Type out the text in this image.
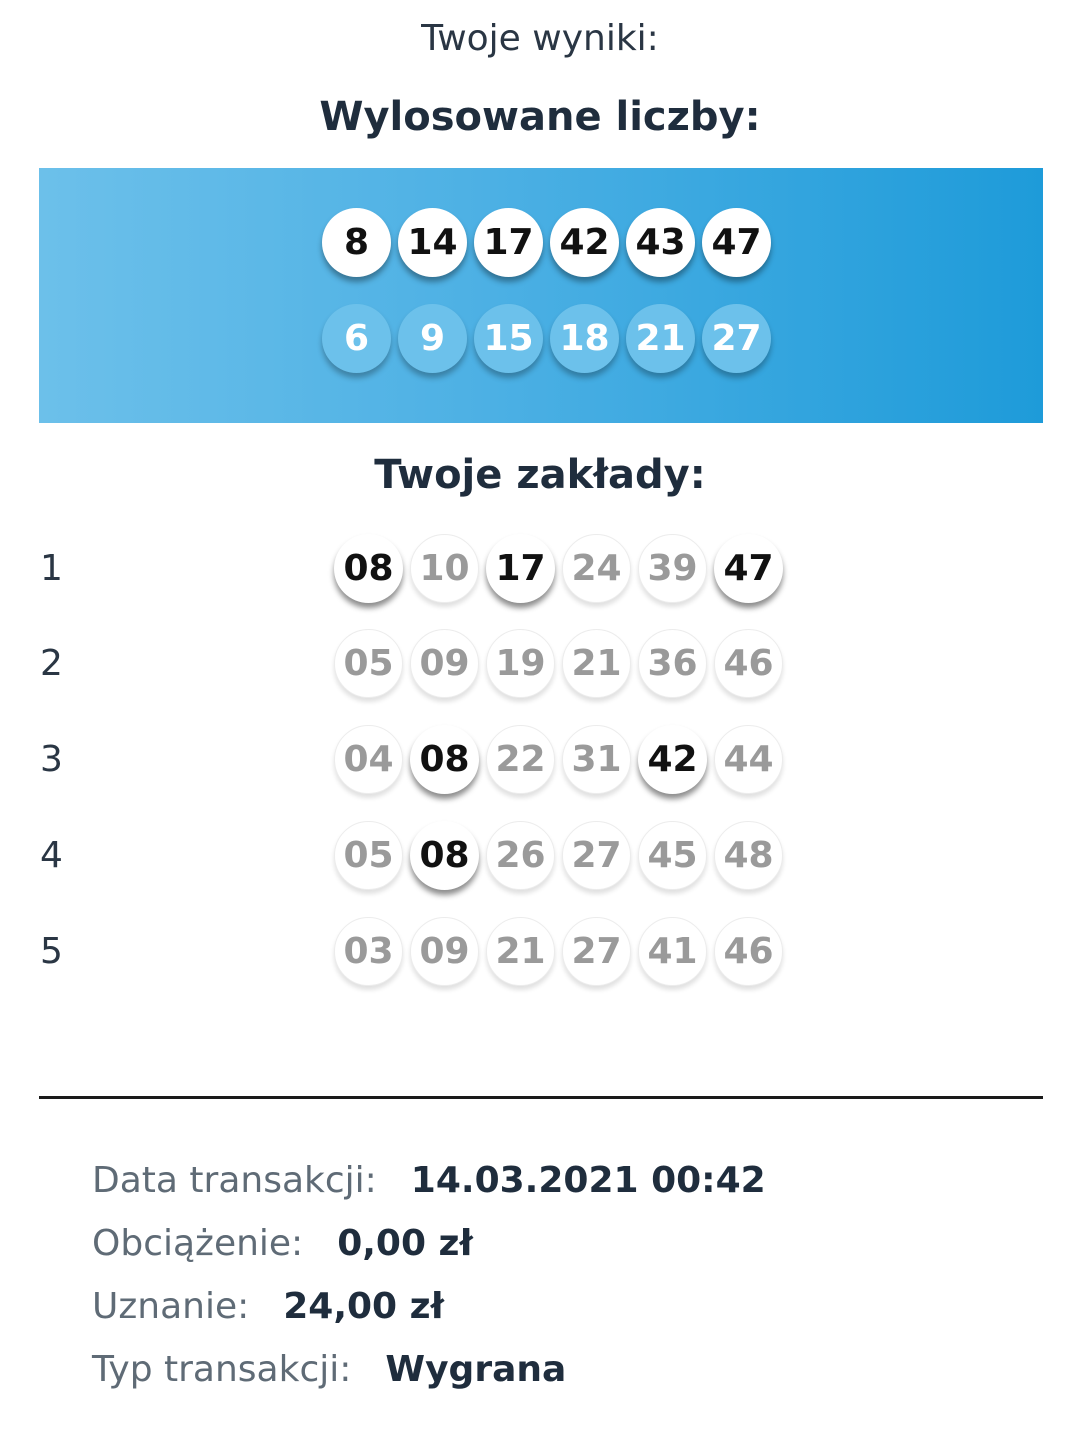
Twoje wyniki:
Wylosowane liczby:
8	14 17 42 43 47
6	9	15 18 21 27
Twoje zakłady:
1	08 10 17 24 39 47
2	05 09 19 21 36 46
3	04 08 22 31 42 44
4	05 08 26 27 45 48
5	03 09 21 27 41 46
Data transakcji: 14.03.2021 00:42
Obciążenie: 0,00 zł
Uznanie: 24,00 zł
Typ transakcji: Wygrana
